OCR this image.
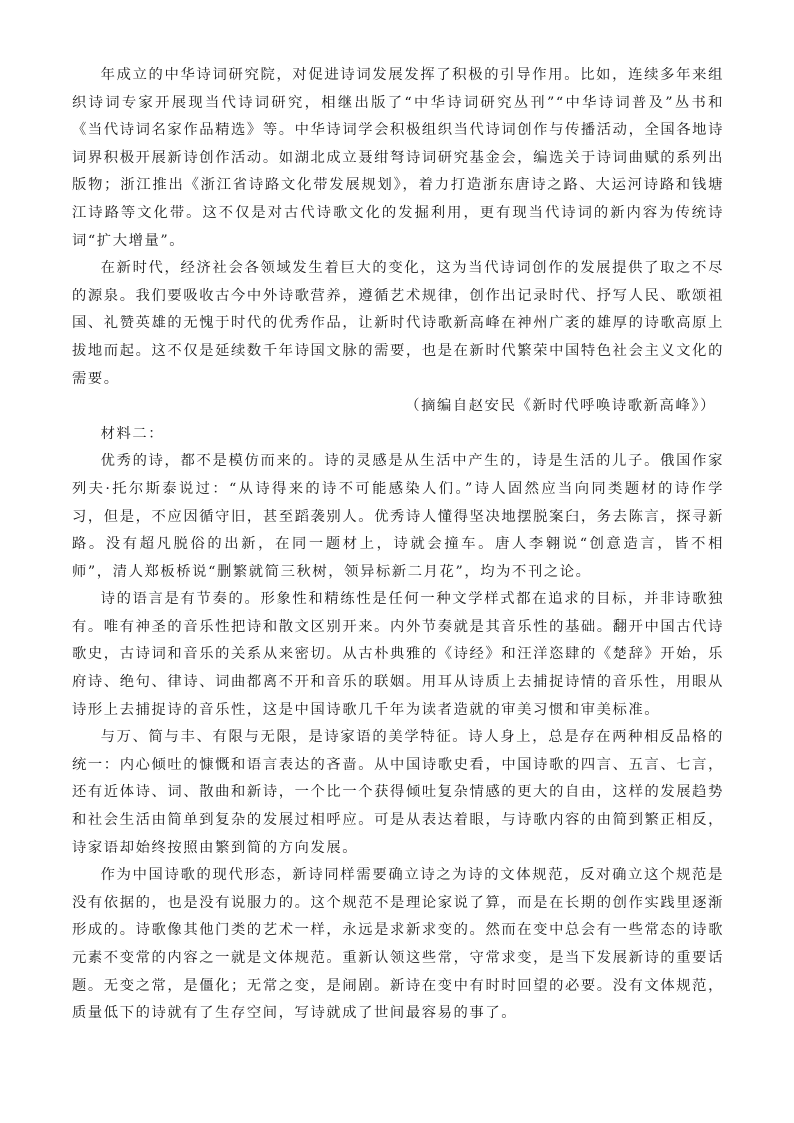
年成立的中华诗词研究院，对促进诗词发展发挥了积极的引导作用。比如，连续多年来组织诗词专家开展现当代诗词研究，相继出版了“中华诗词研究丛刊”“中华诗词普及”丛书和《当代诗词名家作品精选》等。中华诗词学会积极组织当代诗词创作与传播活动，全国各地诗词界积极开展新诗创作活动。如湖北成立聂绀弩诗词研究基金会，编选关于诗词曲赋的系列出版物；浙江推出《浙江省诗路文化带发展规划》，着力打造浙东唐诗之路、大运河诗路和钱塘江诗路等文化带。这不仅是对古代诗歌文化的发掘利用，更有现当代诗词的新内容为传统诗词“扩大增量”。

在新时代，经济社会各领域发生着巨大的变化，这为当代诗词创作的发展提供了取之不尽的源泉。我们要吸收古今中外诗歌营养，遵循艺术规律，创作出记录时代、抒写人民、歌颂祖国、礼赞英雄的无愧于时代的优秀作品，让新时代诗歌新高峰在神州广袤的雄厚的诗歌高原上拔地而起。这不仅是延续数千年诗国文脉的需要，也是在新时代繁荣中国特色社会主义文化的需要。

（摘编自赵安民《新时代呼唤诗歌新高峰》）

材料二：

优秀的诗，都不是模仿而来的。诗的灵感是从生活中产生的，诗是生活的儿子。俄国作家列夫·托尔斯泰说过：“从诗得来的诗不可能感染人们。”诗人固然应当向同类题材的诗作学习，但是，不应因循守旧，甚至蹈袭别人。优秀诗人懂得坚决地摆脱案臼，务去陈言，探寻新路。没有超凡脱俗的出新，在同一题材上，诗就会撞车。唐人李翱说“创意造言，皆不相师”，清人郑板桥说“删繁就简三秋树，领异标新二月花”，均为不刊之论。

诗的语言是有节奏的。形象性和精练性是任何一种文学样式都在追求的目标，并非诗歌独有。唯有神圣的音乐性把诗和散文区别开来。内外节奏就是其音乐性的基础。翻开中国古代诗歌史，古诗词和音乐的关系从来密切。从古朴典雅的《诗经》和汪洋恣肆的《楚辞》开始，乐府诗、绝句、律诗、词曲都离不开和音乐的联姻。用耳从诗质上去捕捉诗情的音乐性，用眼从诗形上去捕捉诗的音乐性，这是中国诗歌几千年为读者造就的审美习惯和审美标准。

与万、简与丰、有限与无限，是诗家语的美学特征。诗人身上，总是存在两种相反品格的统一：内心倾吐的慷慨和语言表达的吝啬。从中国诗歌史看，中国诗歌的四言、五言、七言，还有近体诗、词、散曲和新诗，一个比一个获得倾吐复杂情感的更大的自由，这样的发展趋势和社会生活由简单到复杂的发展过相呼应。可是从表达着眼，与诗歌内容的由简到繁正相反，诗家语却始终按照由繁到简的方向发展。

作为中国诗歌的现代形态，新诗同样需要确立诗之为诗的文体规范，反对确立这个规范是没有依据的，也是没有说服力的。这个规范不是理论家说了算，而是在长期的创作实践里逐渐形成的。诗歌像其他门类的艺术一样，永远是求新求变的。然而在变中总会有一些常态的诗歌元素不变常的内容之一就是文体规范。重新认领这些常，守常求变，是当下发展新诗的重要话题。无变之常，是僵化；无常之变，是闹剧。新诗在变中有时时回望的必要。没有文体规范，质量低下的诗就有了生存空间，写诗就成了世间最容易的事了。
